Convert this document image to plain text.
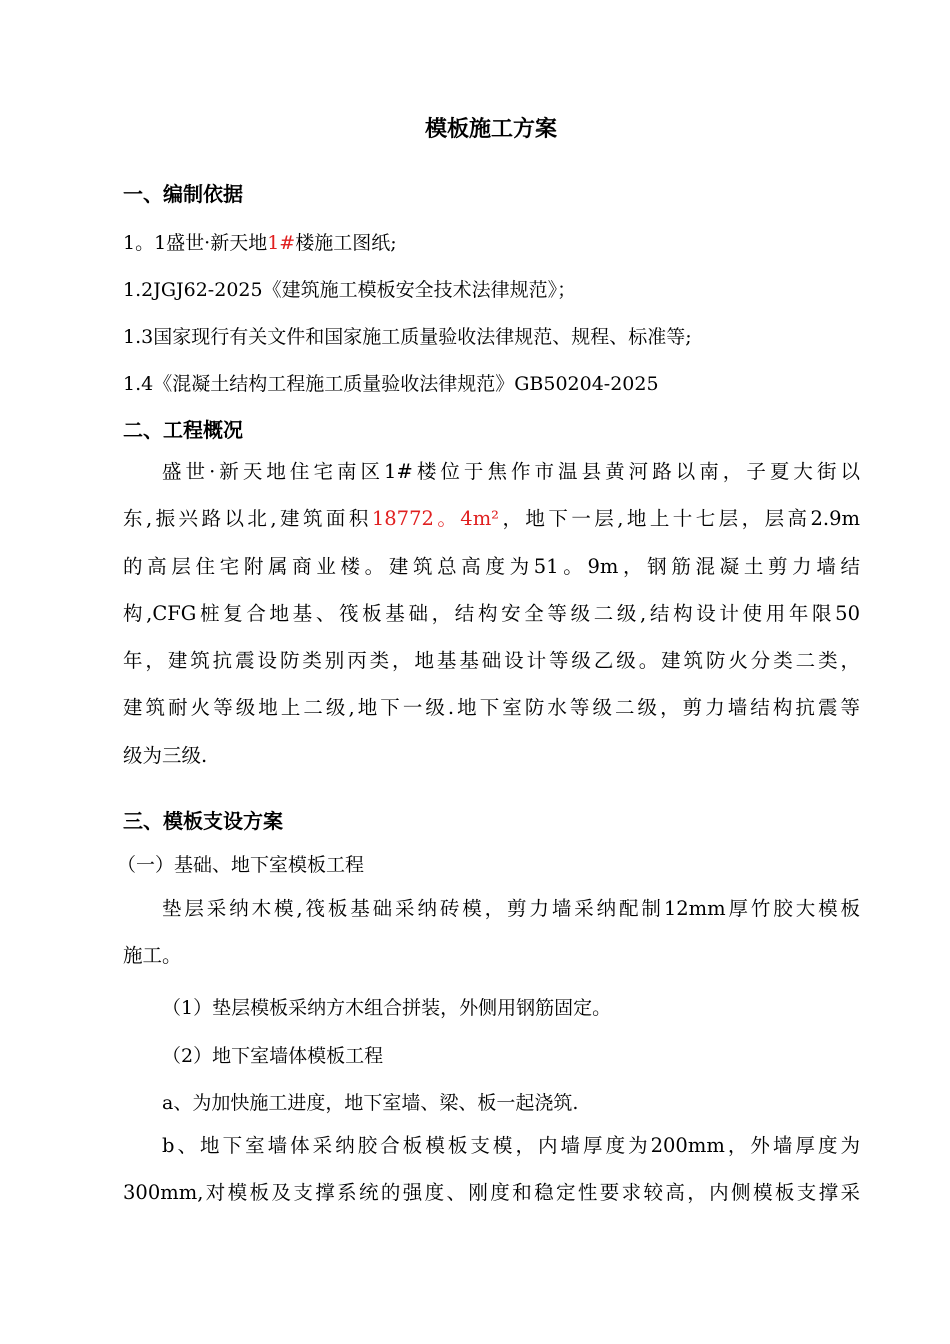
模板施工方案
一、编制依据
1。1盛世·新天地1#楼施工图纸;
1.2JGJ62-2025《建筑施工模板安全技术法律规范》；
1.3国家现行有关文件和国家施工质量验收法律规范、规程、标准等;
1.4《混凝土结构工程施工质量验收法律规范》GB50204-2025
二、工程概况
盛世·新天地住宅南区1#楼位于焦作市温县黄河路以南，子夏大街以
东,振兴路以北,建筑面积18772。4m²，地下一层,地上十七层，层高2.9m
的高层住宅附属商业楼。建筑总高度为51。9m，钢筋混凝土剪力墙结
构,CFG桩复合地基、筏板基础，结构安全等级二级,结构设计使用年限50
年，建筑抗震设防类别丙类，地基基础设计等级乙级。建筑防火分类二类，
建筑耐火等级地上二级,地下一级.地下室防水等级二级，剪力墙结构抗震等
级为三级.
三、模板支设方案
（一）基础、地下室模板工程
垫层采纳木模,筏板基础采纳砖模，剪力墙采纳配制12mm厚竹胶大模板
施工。
（1）垫层模板采纳方木组合拼装，外侧用钢筋固定。
（2）地下室墙体模板工程
a、为加快施工进度，地下室墙、梁、板一起浇筑.
b、地下室墙体采纳胶合板模板支模，内墙厚度为200mm，外墙厚度为
300mm,对模板及支撑系统的强度、刚度和稳定性要求较高，内侧模板支撑采
